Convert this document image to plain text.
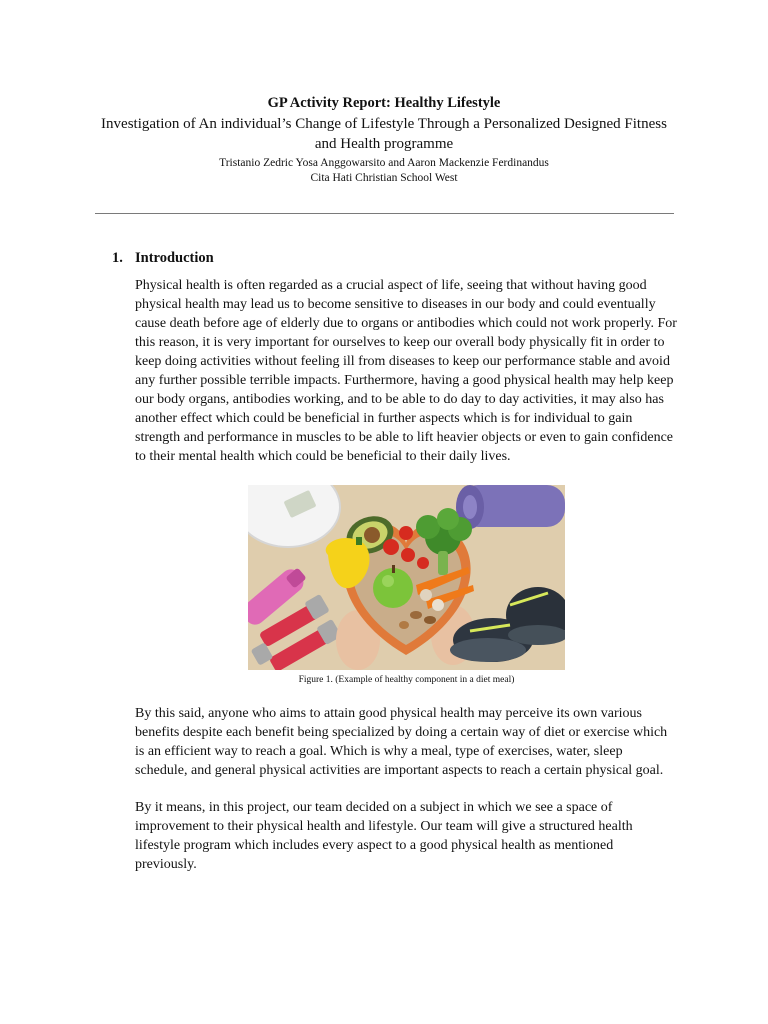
GP Activity Report: Healthy Lifestyle

Investigation of An individual’s Change of Lifestyle Through a Personalized Designed Fitness and Health programme

Tristanio Zedric Yosa Anggowarsito and Aaron Mackenzie Ferdinandus

Cita Hati Christian School West

1. Introduction

Physical health is often regarded as a crucial aspect of life, seeing that without having good physical health may lead us to become sensitive to diseases in our body and could eventually cause death before age of elderly due to organs or antibodies which could not work properly. For this reason, it is very important for ourselves to keep our overall body physically fit in order to keep doing activities without feeling ill from diseases to keep our performance stable and avoid any further possible terrible impacts. Furthermore, having a good physical health may help keep our body organs, antibodies working, and to be able to do day to day activities, it may also has another effect which could be beneficial in further aspects which is for individual to gain strength and performance in muscles to be able to lift heavier objects or even to gain confidence to their mental health which could be beneficial to their daily lives.

Figure 1. (Example of healthy component in a diet meal)

By this said, anyone who aims to attain good physical health may perceive its own various benefits despite each benefit being specialized by doing a certain way of diet or exercise which is an efficient way to reach a goal. Which is why a meal, type of exercises, water, sleep schedule, and general physical activities are important aspects to reach a certain physical goal.

By it means, in this project, our team decided on a subject in which we see a space of improvement to their physical health and lifestyle. Our team will give a structured health lifestyle program which includes every aspect to a good physical health as mentioned previously.
